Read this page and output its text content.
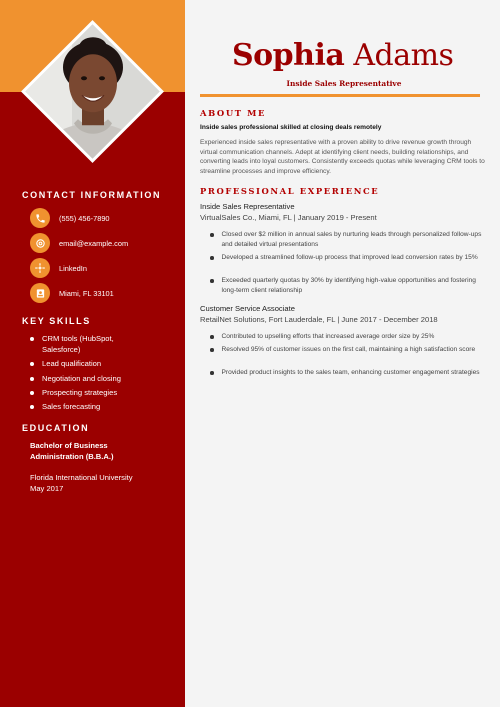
CONTACT INFORMATION
(555) 456-7890
email@example.com
LinkedIn
Miami, FL 33101
KEY SKILLS
CRM tools (HubSpot, Salesforce)
Lead qualification
Negotiation and closing
Prospecting strategies
Sales forecasting
EDUCATION
Bachelor of Business Administration (B.B.A.)
Florida International University
May 2017
Sophia Adams
Inside Sales Representative
ABOUT ME
Inside sales professional skilled at closing deals remotely
Experienced inside sales representative with a proven ability to drive revenue growth through virtual communication channels. Adept at identifying client needs, building relationships, and converting leads into loyal customers. Consistently exceeds quotas while leveraging CRM tools to streamline processes and improve efficiency.
PROFESSIONAL EXPERIENCE
Inside Sales Representative
VirtualSales Co., Miami, FL | January 2019 - Present
Closed over $2 million in annual sales by nurturing leads through personalized follow-ups and detailed virtual presentations
Developed a streamlined follow-up process that improved lead conversion rates by 15%
Exceeded quarterly quotas by 30% by identifying high-value opportunities and fostering long-term client relationship
Customer Service Associate
RetailNet Solutions, Fort Lauderdale, FL | June 2017 - December 2018
Contributed to upselling efforts that increased average order size by 25%
Resolved 95% of customer issues on the first call, maintaining a high satisfaction score
Provided product insights to the sales team, enhancing customer engagement strategies
